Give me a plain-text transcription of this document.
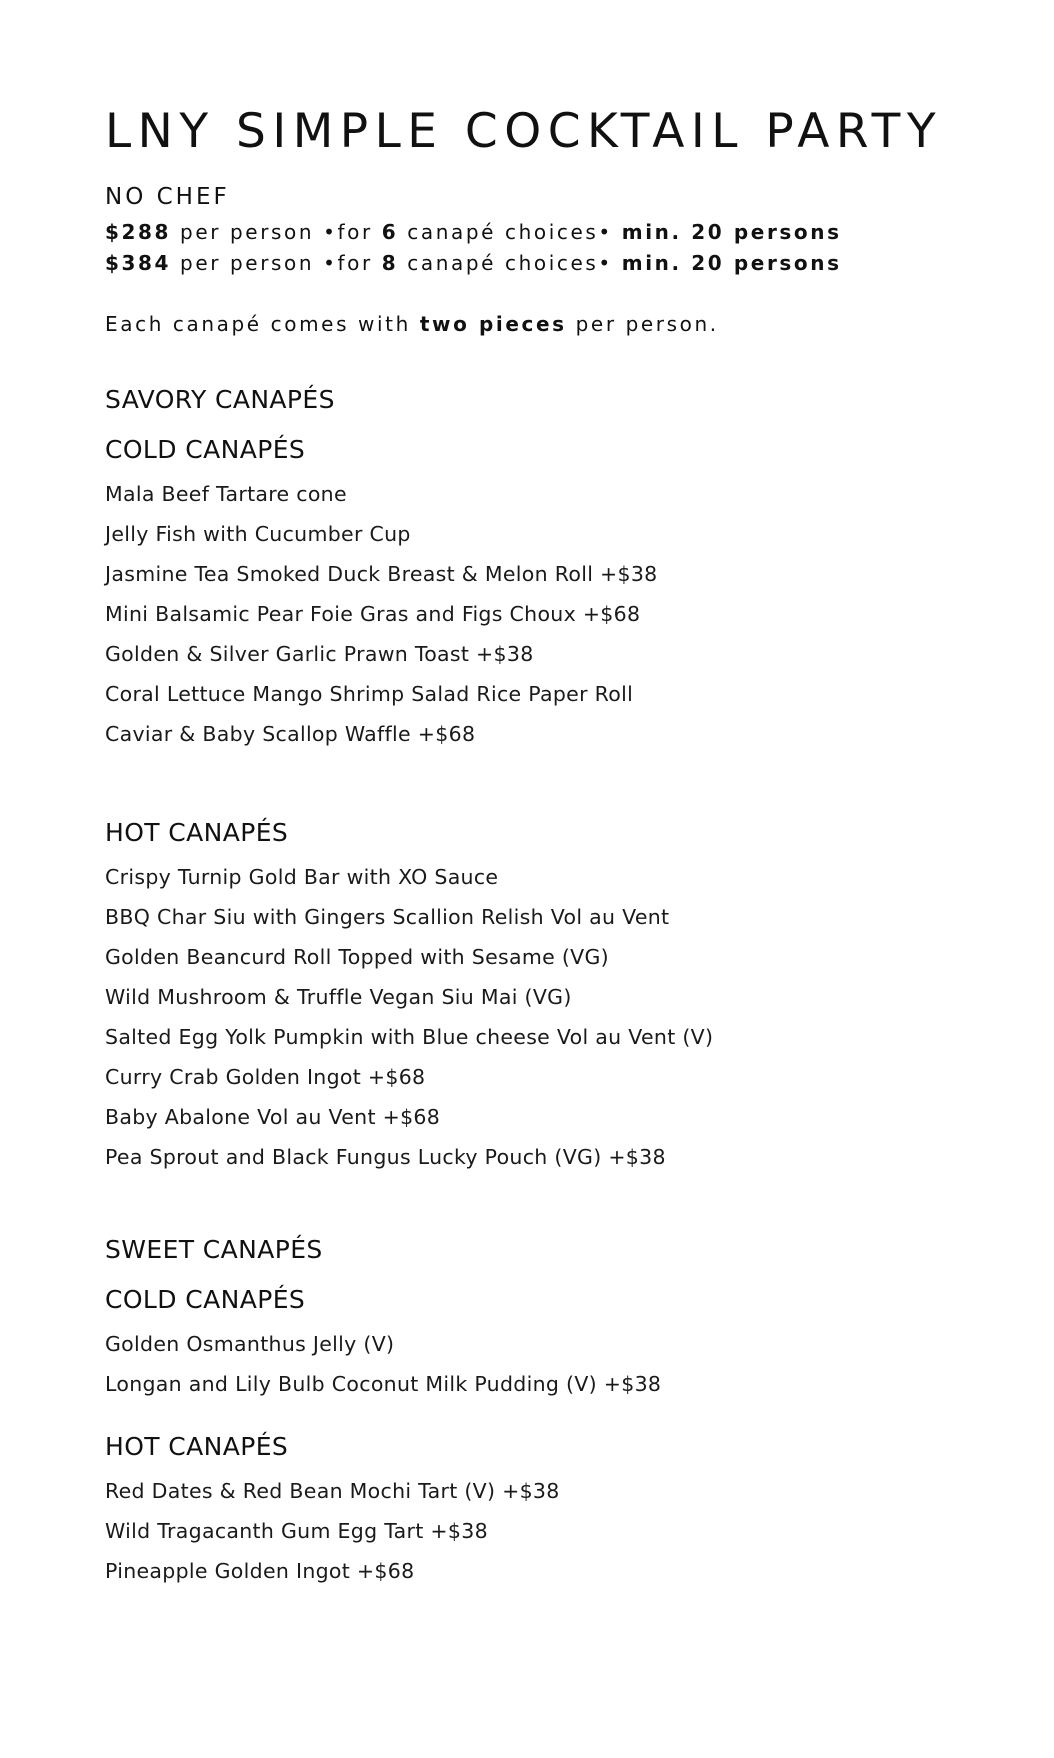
LNY SIMPLE COCKTAIL PARTY
NO CHEF
$288 per person •for 6 canapé choices• min. 20 persons
$384 per person •for 8 canapé choices• min. 20 persons
Each canapé comes with two pieces per person.
SAVORY CANAPÉS
COLD CANAPÉS
Mala Beef Tartare cone
Jelly Fish with Cucumber Cup
Jasmine Tea Smoked Duck Breast & Melon Roll +$38
Mini Balsamic Pear Foie Gras and Figs Choux +$68
Golden & Silver Garlic Prawn Toast +$38
Coral Lettuce Mango Shrimp Salad Rice Paper Roll
Caviar & Baby Scallop Waffle +$68
HOT CANAPÉS
Crispy Turnip Gold Bar with XO Sauce
BBQ Char Siu with Gingers Scallion Relish Vol au Vent
Golden Beancurd Roll Topped with Sesame (VG)
Wild Mushroom & Truffle Vegan Siu Mai (VG)
Salted Egg Yolk Pumpkin with Blue cheese Vol au Vent (V)
Curry Crab Golden Ingot +$68
Baby Abalone Vol au Vent +$68
Pea Sprout and Black Fungus Lucky Pouch (VG) +$38
SWEET CANAPÉS
COLD CANAPÉS
Golden Osmanthus Jelly (V)
Longan and Lily Bulb Coconut Milk Pudding (V) +$38
HOT CANAPÉS
Red Dates & Red Bean Mochi Tart (V) +$38
Wild Tragacanth Gum Egg Tart +$38
Pineapple Golden Ingot +$68
